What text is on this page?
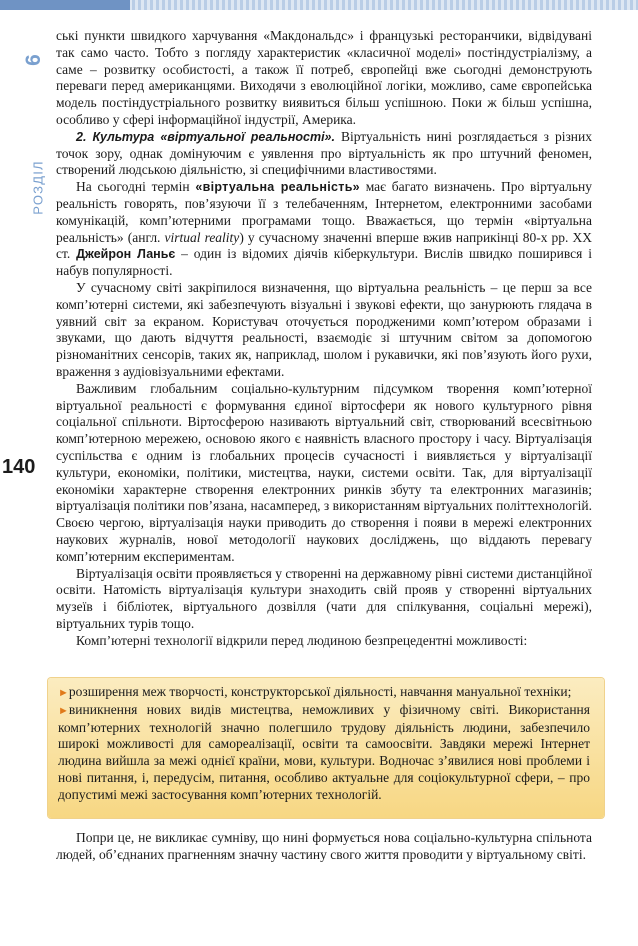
РОЗДІЛ
6
140

ські пункти швидкого харчування «Макдональдс» і французькі ресторанчики, відвідувані так само часто. Тобто з погляду характеристик «класичної моделі» постіндустріалізму, а саме – розвитку особистості, а також її потреб, європейці вже сьогодні демонструють переваги перед американцями. Виходячи з еволюційної логіки, можливо, саме європейська модель постіндустріального розвитку виявиться більш успішною. Поки ж більш успішна, особливо у сфері інформаційної індустрії, Америка.

2. Культура «віртуальної реальності». Віртуальність нині розглядається з різних точок зору, однак домінуючим є уявлення про віртуальність як про штучний феномен, створений людською діяльністю, зі специфічними властивостями.

На сьогодні термін «віртуальна реальність» має багато визначень. Про віртуальну реальність говорять, пов’язуючи її з телебаченням, Інтернетом, електронними засобами комунікацій, комп’ютерними програмами тощо. Вважається, що термін «віртуальна реальність» (англ. virtual reality) у сучасному значенні вперше вжив наприкінці 80-х рр. ХХ ст. Джейрон Ланьє – один із відомих діячів кіберкультури. Вислів швидко поширився і набув популярності.

У сучасному світі закріпилося визначення, що віртуальна реальність – це перш за все комп’ютерні системи, які забезпечують візуальні і звукові ефекти, що занурюють глядача в уявний світ за екраном. Користувач оточується породженими комп’ютером образами і звуками, що дають відчуття реальності, взаємодіє зі штучним світом за допомогою різноманітних сенсорів, таких як, наприклад, шолом і рукавички, які пов’язують його рухи, враження з аудіовізуальними ефектами.

Важливим глобальним соціально-культурним підсумком творення комп’ютерної віртуальної реальності є формування єдиної віртосфери як нового культурного рівня соціальної спільноти. Віртосферою називають віртуальний світ, створюваний всесвітньою комп’ютерною мережею, основою якого є наявність власного простору і часу. Віртуалізація суспільства є одним із глобальних процесів сучасності і виявляється у віртуалізації культури, економіки, політики, мистецтва, науки, системи освіти. Так, для віртуалізації економіки характерне створення електронних ринків збуту та електронних магазинів; віртуалізація політики пов’язана, насамперед, з використанням віртуальних політтехнологій. Своєю чергою, віртуалізація науки приводить до створення і появи в мережі електронних наукових журналів, нової методології наукових досліджень, що віддають перевагу комп’ютерним експериментам.

Віртуалізація освіти проявляється у створенні на державному рівні системи дистанційної освіти. Натомість віртуалізація культури знаходить свій прояв у створенні віртуальних музеїв і бібліотек, віртуального дозвілля (чати для спілкування, соціальні мережі), віртуальних турів тощо.

Комп’ютерні технології відкрили перед людиною безпрецедентні можливості:

►розширення меж творчості, конструкторської діяльності, навчання мануальної техніки;

►виникнення нових видів мистецтва, неможливих у фізичному світі. Використання комп’ютерних технологій значно полегшило трудову діяльність людини, забезпечило широкі можливості для самореалізації, освіти та самоосвіти. Завдяки мережі Інтернет людина вийшла за межі однієї країни, мови, культури. Водночас з’явилися нові проблеми і нові питання, і, передусім, питання, особливо актуальне для соціокультурної сфери, – про допустимі межі застосування комп’ютерних технологій.

Попри це, не викликає сумніву, що нині формується нова соціально-культурна спільнота людей, об’єднаних прагненням значну частину свого життя проводити у віртуальному світі.
